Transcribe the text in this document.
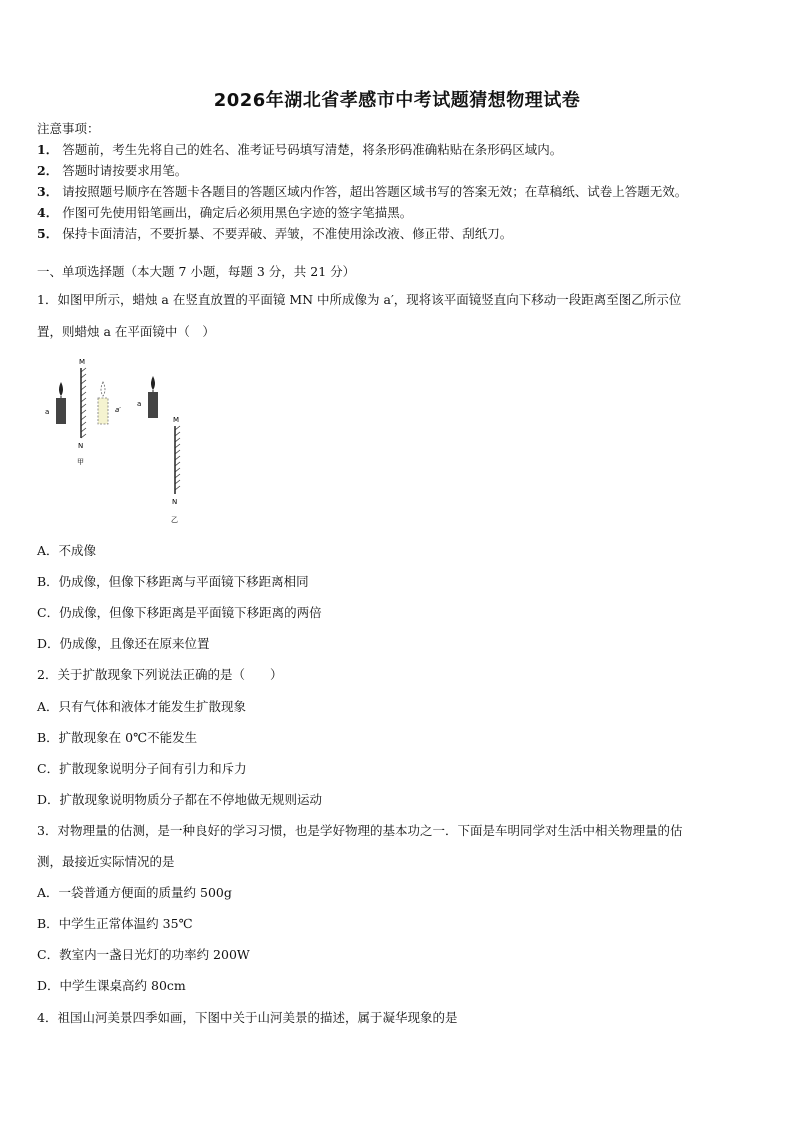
2026年湖北省孝感市中考试题猜想物理试卷
注意事项：
1． 答题前，考生先将自己的姓名、准考证号码填写清楚，将条形码准确粘贴在条形码区域内。
2． 答题时请按要求用笔。
3． 请按照题号顺序在答题卡各题目的答题区域内作答，超出答题区域书写的答案无效；在草稿纸、试卷上答题无效。
4． 作图可先使用铅笔画出，确定后必须用黑色字迹的签字笔描黑。
5． 保持卡面清洁，不要折暴、不要弄破、弄皱，不准使用涂改液、修正带、刮纸刀。
一、单项选择题（本大题 7 小题，每题 3 分，共 21 分）
1．如图甲所示，蜡烛 a 在竖直放置的平面镜 MN 中所成像为 a′，现将该平面镜竖直向下移动一段距离至图乙所示位
置，则蜡烛 a 在平面镜中（　）
a
M
N
甲
a′
a
M
N
乙
A．不成像
B．仍成像，但像下移距离与平面镜下移距离相同
C．仍成像，但像下移距离是平面镜下移距离的两倍
D．仍成像，且像还在原来位置
2．关于扩散现象下列说法正确的是（　　）
A．只有气体和液体才能发生扩散现象
B．扩散现象在 0℃不能发生
C．扩散现象说明分子间有引力和斥力
D．扩散现象说明物质分子都在不停地做无规则运动
3．对物理量的估测，是一种良好的学习习惯，也是学好物理的基本功之一．下面是车明同学对生活中相关物理量的估
测，最接近实际情况的是
A．一袋普通方便面的质量约 500g
B．中学生正常体温约 35℃
C．教室内一盏日光灯的功率约 200W
D．中学生课桌高约 80cm
4．祖国山河美景四季如画，下图中关于山河美景的描述，属于凝华现象的是
